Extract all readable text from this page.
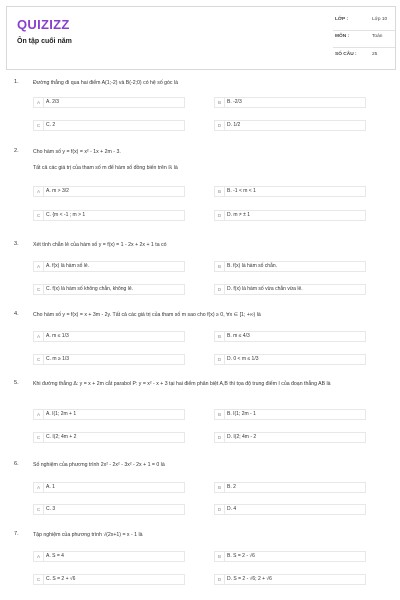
QUIZIZZ
Ôn tập cuối năm
LỚP :	Lớp 10
MÔN :	Toán
SỐ CÂU :	25
1.	Đường thẳng đi qua hai điểm A(1;-2) và B(-2;0) có hệ số góc là
A	A. 2/3	B	B. -2/3
C	C. 2	D	D. 1/2
2.	Cho hàm số y = f(x) = x² - 1x + 2m - 3.
Tất cả các giá trị của tham số m để hàm số đồng biến trên ℝ là
A	A. m > 3/2	B	B. -1 < m < 1
C	C. {m < -1 ; m > 1	D	D. m ≠ ± 1
3.	Xét tính chẵn lẻ của hàm số y = f(x) = 1 - 2x + 2x + 1 ta có
A	A. f(x) là hàm số lẻ.	B	B. f(x) là hàm số chẵn.
C	C. f(x) là hàm số không chẵn, không lẻ.	D	D. f(x) là hàm số vừa chẵn vừa lẻ.
4.	Cho hàm số y = f(x) = x + 3m - 2y. Tất cả các giá trị của tham số m sao cho f(x) ≥ 0, ∀x ∈ [1; +∞) là
A	A. m ≤ 1/3	B	B. m ≤ 4/3
C	C. m ≥ 1/3	D	D. 0 < m ≤ 1/3
5.	Khi đường thẳng Δ: y = x + 2m cắt parabol P: y = x² - x + 3 tại hai điểm phân biệt A,B thì tọa độ trung điểm I của đoạn thẳng AB là
A	A. I(1; 2m + 1	B	B. I(1; 2m - 1
C	C. I(2; 4m + 2	D	D. I(2; 4m - 2
6.	Số nghiệm của phương trình 2x² - 2x² - 3x² - 2x + 1 = 0 là
A	A. 1	B	B. 2
C	C. 3	D	D. 4
7.	Tập nghiệm của phương trình √(2x+1) = x - 1 là
A	A. S = 4	B	B. S = 2 - √6
C	C. S = 2 + √6	D	D. S = 2 - √6; 2 + √6
